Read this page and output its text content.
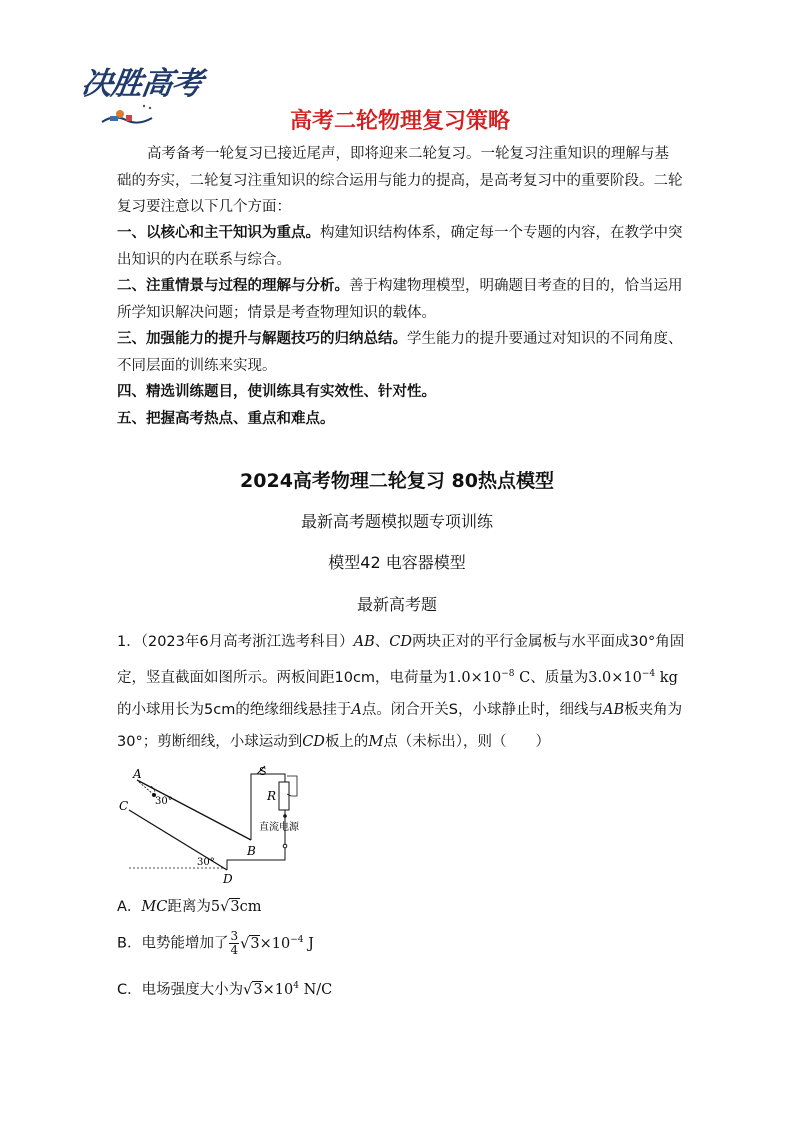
决胜高考
高考二轮物理复习策略
高考备考一轮复习已接近尾声，即将迎来二轮复习。一轮复习注重知识的理解与基础的夯实，二轮复习注重知识的综合运用与能力的提高，是高考复习中的重要阶段。二轮复习要注意以下几个方面：

一、以核心和主干知识为重点。构建知识结构体系，确定每一个专题的内容，在教学中突出知识的内在联系与综合。

二、注重情景与过程的理解与分析。善于构建物理模型，明确题目考查的目的，恰当运用所学知识解决问题；情景是考查物理知识的载体。

三、加强能力的提升与解题技巧的归纳总结。学生能力的提升要通过对知识的不同角度、不同层面的训练来实现。

四、精选训练题目，使训练具有实效性、针对性。

五、把握高考热点、重点和难点。

2024高考物理二轮复习 80热点模型
最新高考题模拟题专项训练
模型42 电容器模型
最新高考题
1．（2023年6月高考浙江选考科目）AB、CD两块正对的平行金属板与水平面成30°角固定，竖直截面如图所示。两板间距10cm，电荷量为$1.0\times 10^{-8}$ C、质量为$3.0\times 10^{-4}$ kg的小球用长为5cm的绝缘细线悬挂于A点。闭合开关S，小球静止时，细线与AB板夹角为30°；剪断细线，小球运动到CD板上的M点（未标出），则（　　）
A
C
B
D
S
R
30°
30°
直流电源
A．MC距离为5√3cm
B．电势能增加了 $\frac{3}{4} √3\times 10^{-4}$ J
C．电场强度大小为$√3\times 10^4$ N/C
